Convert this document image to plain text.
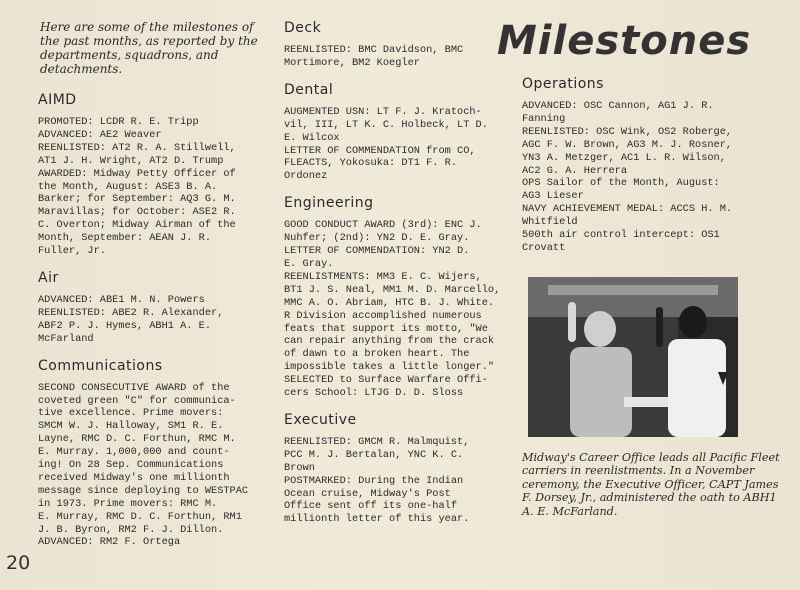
Milestones

Here are some of the milestones of the past months, as reported by the departments, squadrons, and detachments.

AIMD

PROMOTED: LCDR R. E. Tripp
ADVANCED: AE2 Weaver
REENLISTED: AT2 R. A. Stillwell,
AT1 J. H. Wright, AT2 D. Trump
AWARDED: Midway Petty Officer of
the Month, August: ASE3 B. A.
Barker; for September: AQ3 G. M.
Maravillas; for October: ASE2 R.
C. Overton; Midway Airman of the
Month, September: AEAN J. R.
Fuller, Jr.

Air

ADVANCED: ABE1 M. N. Powers
REENLISTED: ABE2 R. Alexander,
ABF2 P. J. Hymes, ABH1 A. E.
McFarland

Communications

SECOND CONSECUTIVE AWARD of the
coveted green "C" for communica-
tive excellence. Prime movers:
SMCM W. J. Halloway, SM1 R. E.
Layne, RMC D. C. Forthun, RMC M.
E. Murray. 1,000,000 and count-
ing! On 28 Sep. Communications
received Midway's one millionth
message since deploying to WESTPAC
in 1973. Prime movers: RMC M.
E. Murray, RMC D. C. Forthun, RM1
J. B. Byron, RM2 F. J. Dillon.
ADVANCED: RM2 F. Ortega

Deck

REENLISTED: BMC Davidson, BMC
Mortimore, BM2 Koegler

Dental

AUGMENTED USN: LT F. J. Kratoch-
vil, III, LT K. C. Holbeck, LT D.
E. Wilcox
LETTER OF COMMENDATION from CO,
FLEACTS, Yokosuka: DT1 F. R.
Ordonez

Engineering

GOOD CONDUCT AWARD (3rd): ENC J.
Nuhfer; (2nd): YN2 D. E. Gray.
LETTER OF COMMENDATION: YN2 D.
E. Gray.
REENLISTMENTS: MM3 E. C. Wijers,
BT1 J. S. Neal, MM1 M. D. Marcello,
MMC A. O. Abriam, HTC B. J. White.
R Division accomplished numerous
feats that support its motto, "We
can repair anything from the crack
of dawn to a broken heart. The
impossible takes a little longer."
SELECTED to Surface Warfare Offi-
cers School: LTJG D. D. Sloss

Executive

REENLISTED: GMCM R. Malmquist,
PCC M. J. Bertalan, YNC K. C.
Brown
POSTMARKED: During the Indian
Ocean cruise, Midway's Post
Office sent off its one-half
millionth letter of this year.

Operations

ADVANCED: OSC Cannon, AG1 J. R.
Fanning
REENLISTED: OSC Wink, OS2 Roberge,
AGC F. W. Brown, AG3 M. J. Rosner,
YN3 A. Metzger, AC1 L. R. Wilson,
AC2 G. A. Herrera
OPS Sailor of the Month, August:
AG3 Lieser
NAVY ACHIEVEMENT MEDAL: ACCS H. M.
Whitfield
500th air control intercept: OS1
Crovatt

Midway's Career Office leads all Pacific Fleet carriers in reenlistments. In a November ceremony, the Executive Officer, CAPT James F. Dorsey, Jr., administered the oath to ABH1 A. E. McFarland.

20
